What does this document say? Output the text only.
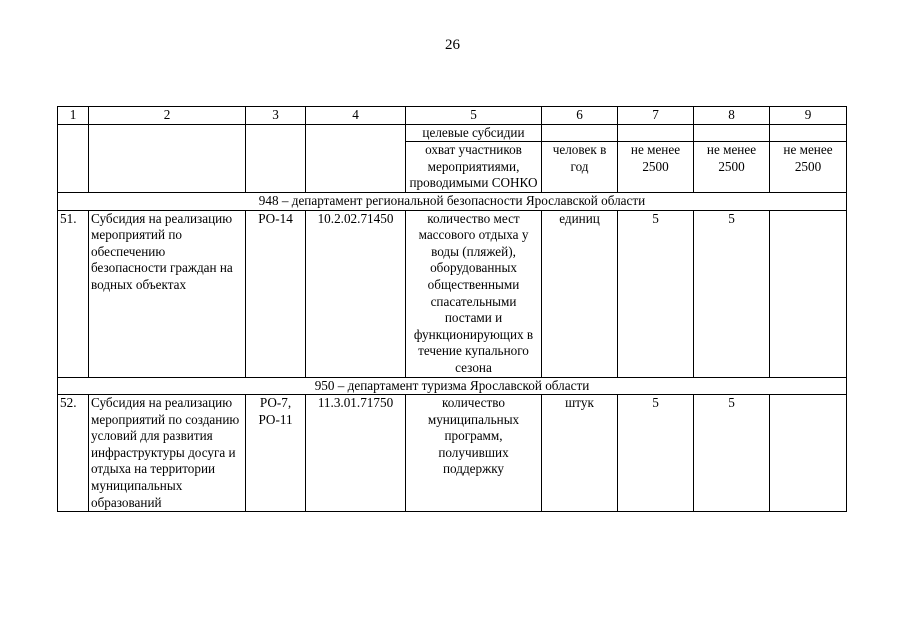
26
1	2	3	4	5	6	7	8	9
				целевые субсидии				
				охват участников мероприятиями, проводимыми СОНКО	человек в год	не менее 2500	не менее 2500	не менее 2500
948 – департамент региональной безопасности Ярославской области								
51.	Субсидия на реализацию мероприятий по обеспечению безопасности граждан на водных объектах	РО-14	10.2.02.71450	количество мест массового отдыха у воды (пляжей), оборудованных общественными спасательными постами и функционирующих в течение купального сезона	единиц	5	5	
950 – департамент туризма Ярославской области								
52.	Субсидия на реализацию мероприятий по созданию условий для развития инфраструктуры досуга и отдыха на территории муниципальных образований	РО-7, РО-11	11.3.01.71750	количество муниципальных программ, получивших поддержку	штук	5	5	
